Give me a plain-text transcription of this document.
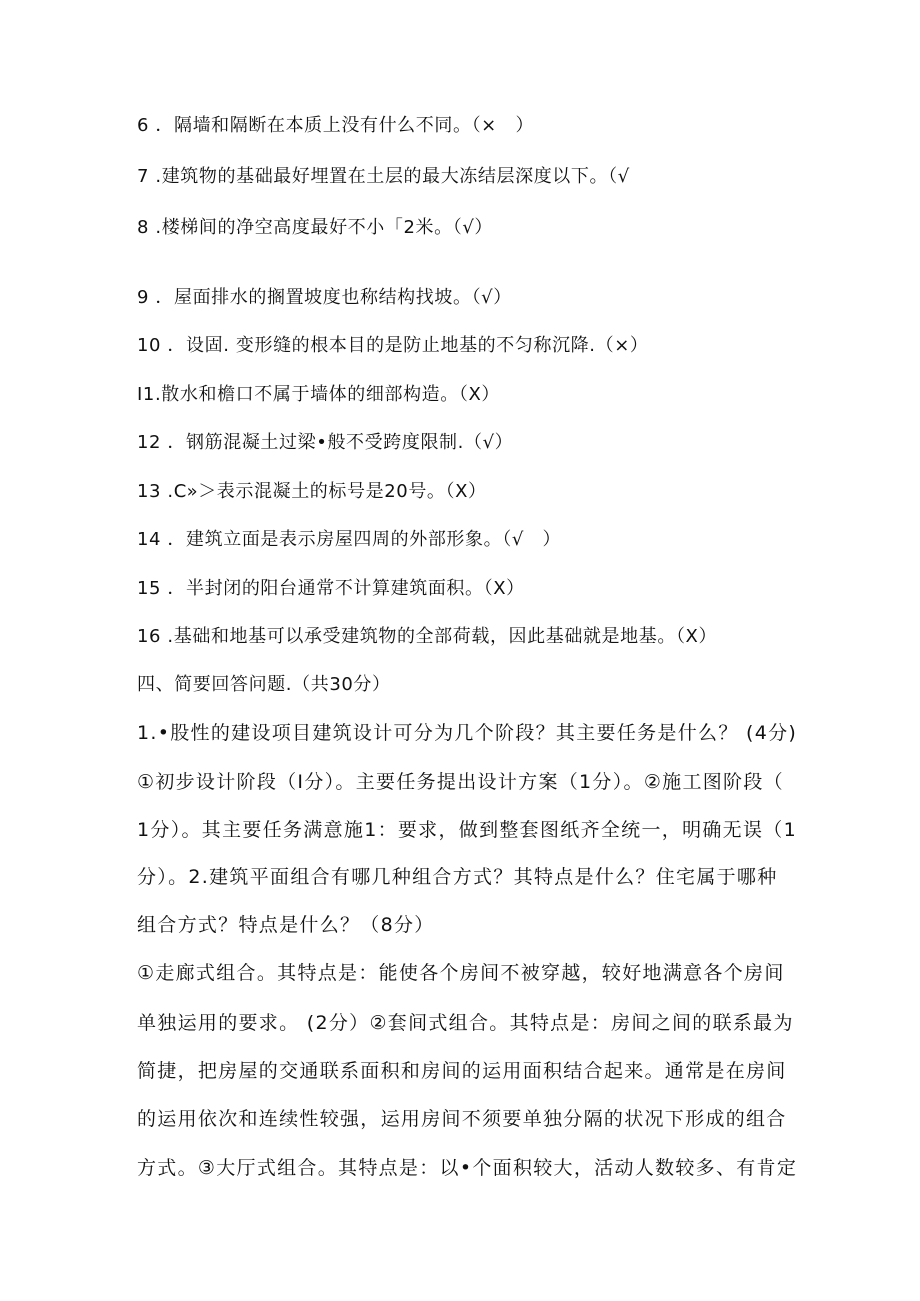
6 ．隔墙和隔断在本质上没有什么不同。（×　）
7 .建筑物的基础最好埋置在土层的最大冻结层深度以下。（√
8 .楼梯间的净空高度最好不小「2米。（√）
9 ．屋面排水的搁置坡度也称结构找坡。（√）
10 ．设固. 变形缝的根本目的是防止地基的不匀称沉降.（×）
I1.散水和檐口不属于墙体的细部构造。（X）
12 ．钢筋混凝土过梁•般不受跨度限制.（√）
13 .C»＞表示混凝土的标号是20号。（X）
14 ．建筑立面是表示房屋四周的外部形象。（√　）
15 ．半封闭的阳台通常不计算建筑面积。（X）
16 .基础和地基可以承受建筑物的全部荷载，因此基础就是地基。（X）
四、简要回答问题.（共30分）
1.•股性的建设项目建筑设计可分为几个阶段？其主要任务是什么？ (4分)
①初步设计阶段（I分）。主要任务提出设计方案（1分）。②施工图阶段（
1分）。其主要任务满意施1：要求，做到整套图纸齐全统一，明确无误（1
分）。2.建筑平面组合有哪几种组合方式？其特点是什么？住宅属于哪种
组合方式？特点是什么？（8分）
①走廊式组合。其特点是：能使各个房间不被穿越，较好地满意各个房间
单独运用的要求。 (2分）②套间式组合。其特点是：房间之间的联系最为
简捷，把房屋的交通联系面积和房间的运用面积结合起来。通常是在房间
的运用依次和连续性较强，运用房间不须要单独分隔的状况下形成的组合
方式。③大厅式组合。其特点是：以•个面积较大，活动人数较多、有肯定
